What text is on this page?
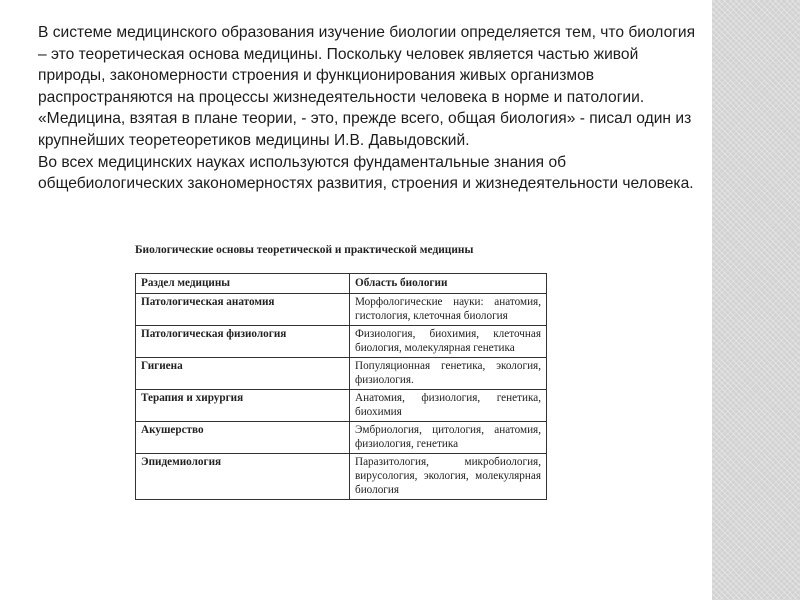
В системе медицинского образования изучение биологии определяется тем, что биология – это теоретическая основа медицины. Поскольку человек является частью живой природы, закономерности строения и функционирования живых организмов распространяются на процессы жизнедеятельности человека в норме и патологии.

«Медицина, взятая в плане теории, - это, прежде всего, общая биология» - писал один из крупнейших теоретеоретиков медицины И.В. Давыдовский.

Во всех медицинских науках используются фундаментальные знания об общебиологических закономерностях развития, строения и жизнедеятельности человека.

Биологические основы теоретической и практической медицины
Раздел медицины	Область биологии
Патологическая анатомия	Морфологические науки: анатомия, гистология, клеточная биология
Патологическая физиология	Физиология, биохимия, клеточная биология, молекулярная генетика
Гигиена	Популяционная генетика, экология, физиология.
Терапия и хирургия	Анатомия, физиология, генетика, биохимия
Акушерство	Эмбриология, цитология, анатомия, физиология, генетика
Эпидемиология	Паразитология, микробиология, вирусология, экология, молекулярная биология
